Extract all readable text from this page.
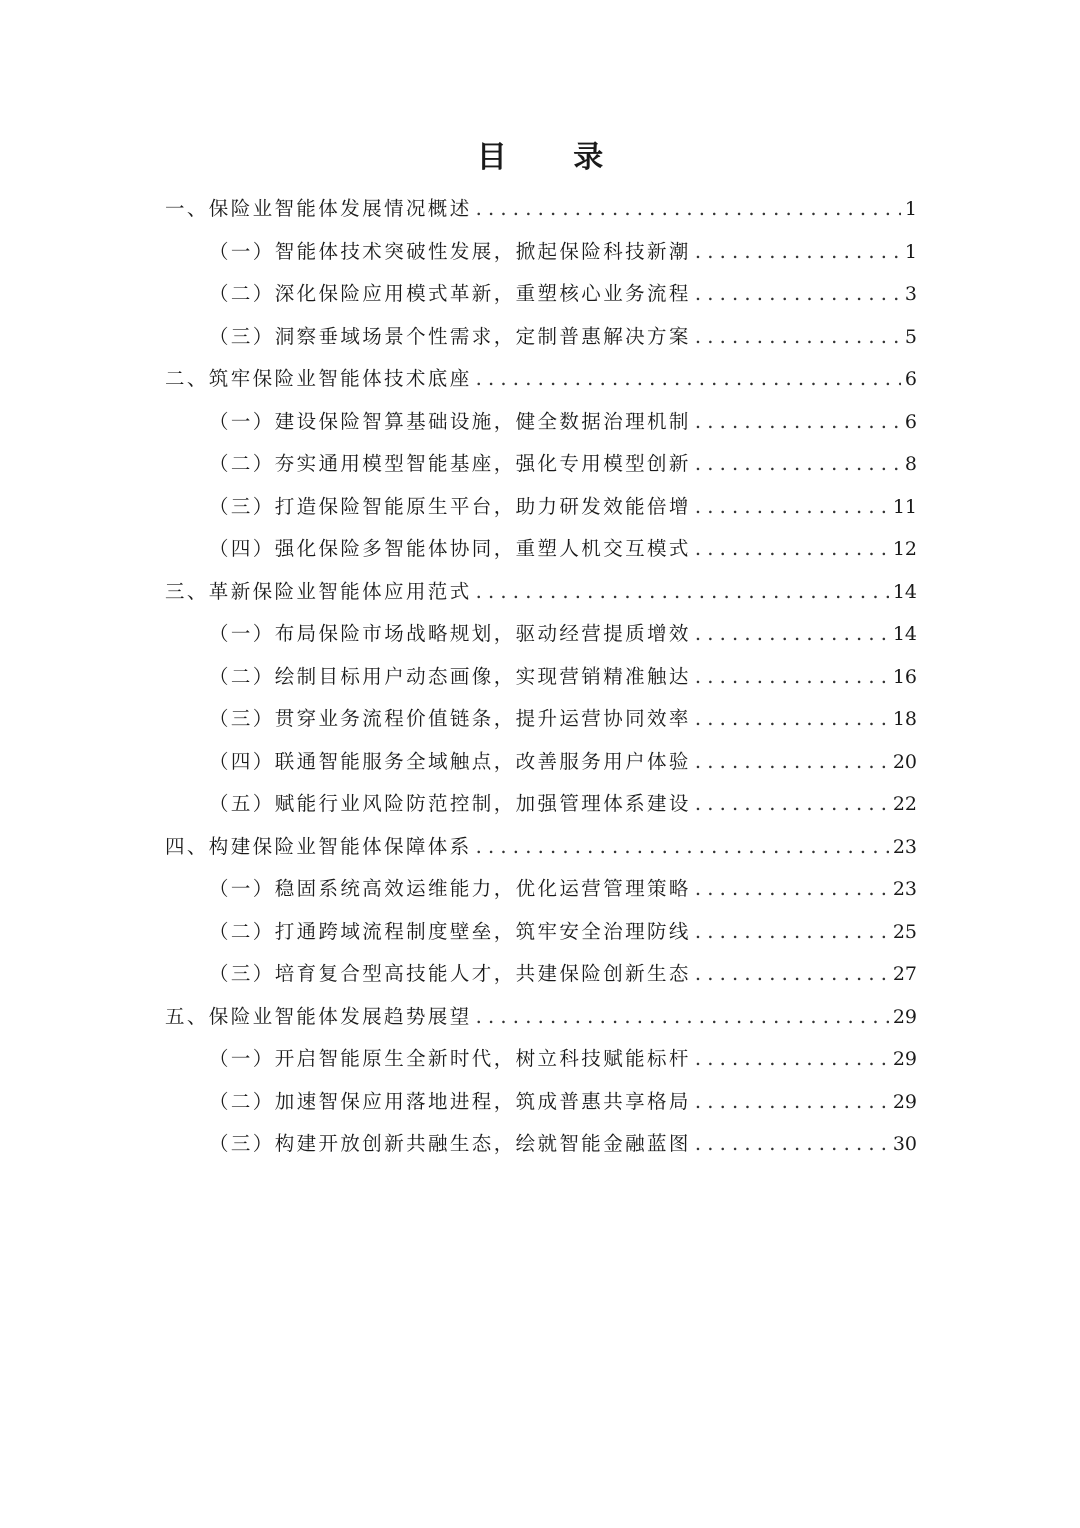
目 录
一、保险业智能体发展情况概述 . . .	1
（一）智能体技术突破性发展，掀起保险科技新潮 . . .	1
（二）深化保险应用模式革新，重塑核心业务流程 . . .	3
（三）洞察垂域场景个性需求，定制普惠解决方案 . . .	5
二、筑牢保险业智能体技术底座 . . .	6
（一）建设保险智算基础设施，健全数据治理机制 . . .	6
（二）夯实通用模型智能基座，强化专用模型创新 . . .	8
（三）打造保险智能原生平台，助力研发效能倍增 . . .	11
（四）强化保险多智能体协同，重塑人机交互模式 . . .	12
三、革新保险业智能体应用范式 . . .	14
（一）布局保险市场战略规划，驱动经营提质增效 . . .	14
（二）绘制目标用户动态画像，实现营销精准触达 . . .	16
（三）贯穿业务流程价值链条，提升运营协同效率 . . .	18
（四）联通智能服务全域触点，改善服务用户体验 . . .	20
（五）赋能行业风险防范控制，加强管理体系建设 . . .	22
四、构建保险业智能体保障体系 . . .	23
（一）稳固系统高效运维能力，优化运营管理策略 . . .	23
（二）打通跨域流程制度壁垒，筑牢安全治理防线 . . .	25
（三）培育复合型高技能人才，共建保险创新生态 . . .	27
五、保险业智能体发展趋势展望 . . .	29
（一）开启智能原生全新时代，树立科技赋能标杆 . . .	29
（二）加速智保应用落地进程，筑成普惠共享格局 . . .	29
（三）构建开放创新共融生态，绘就智能金融蓝图 . . .	30
